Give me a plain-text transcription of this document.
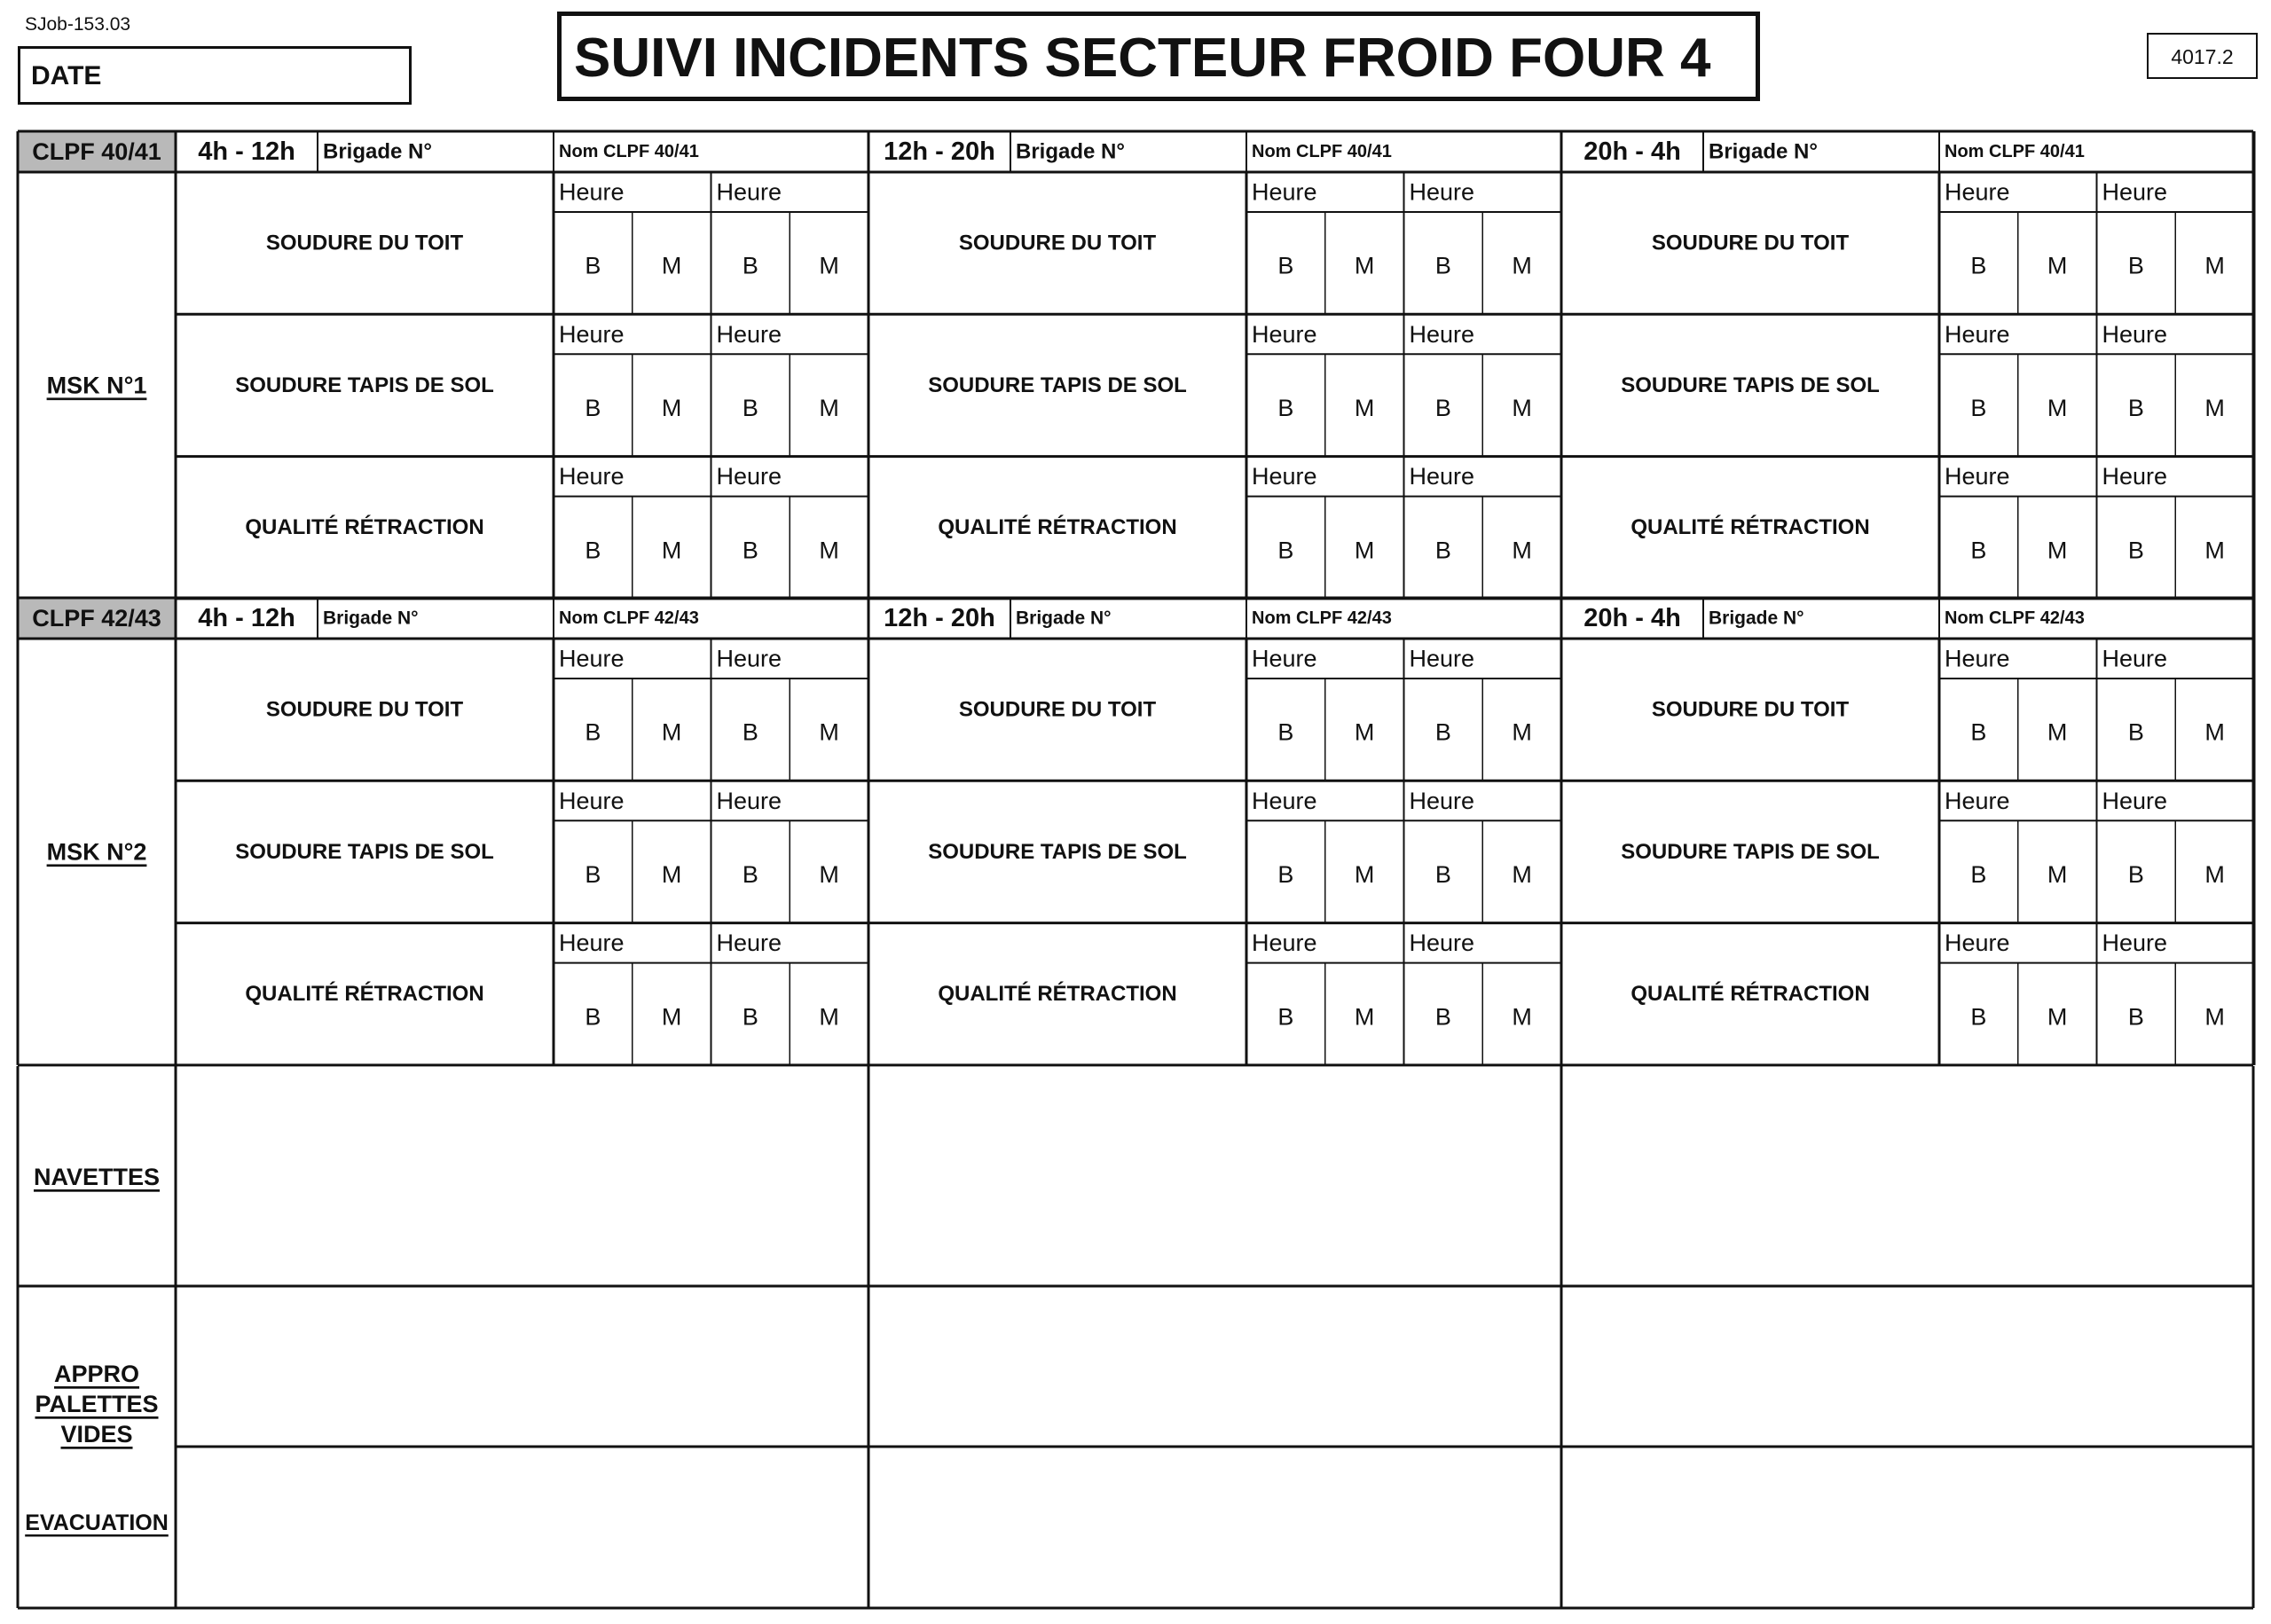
SJob-153.03
DATE	SUIVI INCIDENTS SECTEUR FROID FOUR 4	4017.2
CLPF 40/41
MSK N°1
4h - 12h
SOUDURE DU TOIT
SOUDURE TAPIS DE SOL
QUALITÉ RÉTRACTION
12h - 20h
SOUDURE DU TOIT
SOUDURE TAPIS DE SOL
QUALITÉ RÉTRACTION
20h - 4h
SOUDURE DU TOIT
SOUDURE TAPIS DE SOL
QUALITÉ RÉTRACTION
CLPF 42/43
MSK N°2
4h - 12h
SOUDURE DU TOIT
SOUDURE TAPIS DE SOL
QUALITÉ RÉTRACTION
12h - 20h
SOUDURE DU TOIT
SOUDURE TAPIS DE SOL
QUALITÉ RÉTRACTION
20h - 4h
SOUDURE DU TOIT
SOUDURE TAPIS DE SOL
QUALITÉ RÉTRACTION
NAVETTES
APPRO
PALETTES
VIDES
EVACUATION
